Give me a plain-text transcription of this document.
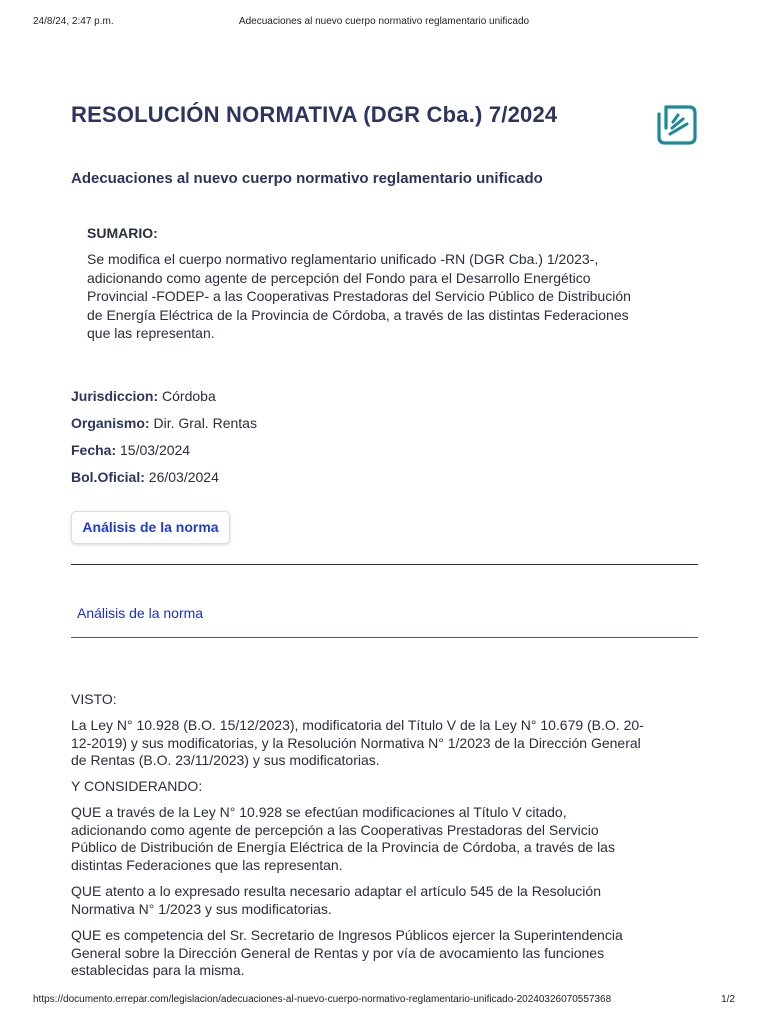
24/8/24, 2:47 p.m.	Adecuaciones al nuevo cuerpo normativo reglamentario unificado
RESOLUCIÓN NORMATIVA (DGR Cba.) 7/2024
Adecuaciones al nuevo cuerpo normativo reglamentario unificado
SUMARIO:
Se modifica el cuerpo normativo reglamentario unificado -RN (DGR Cba.) 1/2023-,
adicionando como agente de percepción del Fondo para el Desarrollo Energético
Provincial -FODEP- a las Cooperativas Prestadoras del Servicio Público de Distribución
de Energía Eléctrica de la Provincia de Córdoba, a través de las distintas Federaciones
que las representan.
Jurisdiccion: Córdoba
Organismo: Dir. Gral. Rentas
Fecha: 15/03/2024
Bol.Oficial: 26/03/2024
Análisis de la norma
Análisis de la norma

VISTO:

La Ley N° 10.928 (B.O. 15/12/2023), modificatoria del Título V de la Ley N° 10.679 (B.O. 20-
12-2019) y sus modificatorias, y la Resolución Normativa N° 1/2023 de la Dirección General
de Rentas (B.O. 23/11/2023) y sus modificatorias.

Y CONSIDERANDO:

QUE a través de la Ley N° 10.928 se efectúan modificaciones al Título V citado,
adicionando como agente de percepción a las Cooperativas Prestadoras del Servicio
Público de Distribución de Energía Eléctrica de la Provincia de Córdoba, a través de las
distintas Federaciones que las representan.
QUE atento a lo expresado resulta necesario adaptar el artículo 545 de la Resolución
Normativa N° 1/2023 y sus modificatorias.
QUE es competencia del Sr. Secretario de Ingresos Públicos ejercer la Superintendencia
General sobre la Dirección General de Rentas y por vía de avocamiento las funciones
establecidas para la misma.
https://documento.errepar.com/legislacion/adecuaciones-al-nuevo-cuerpo-normativo-reglamentario-unificado-20240326070557368	1/2
